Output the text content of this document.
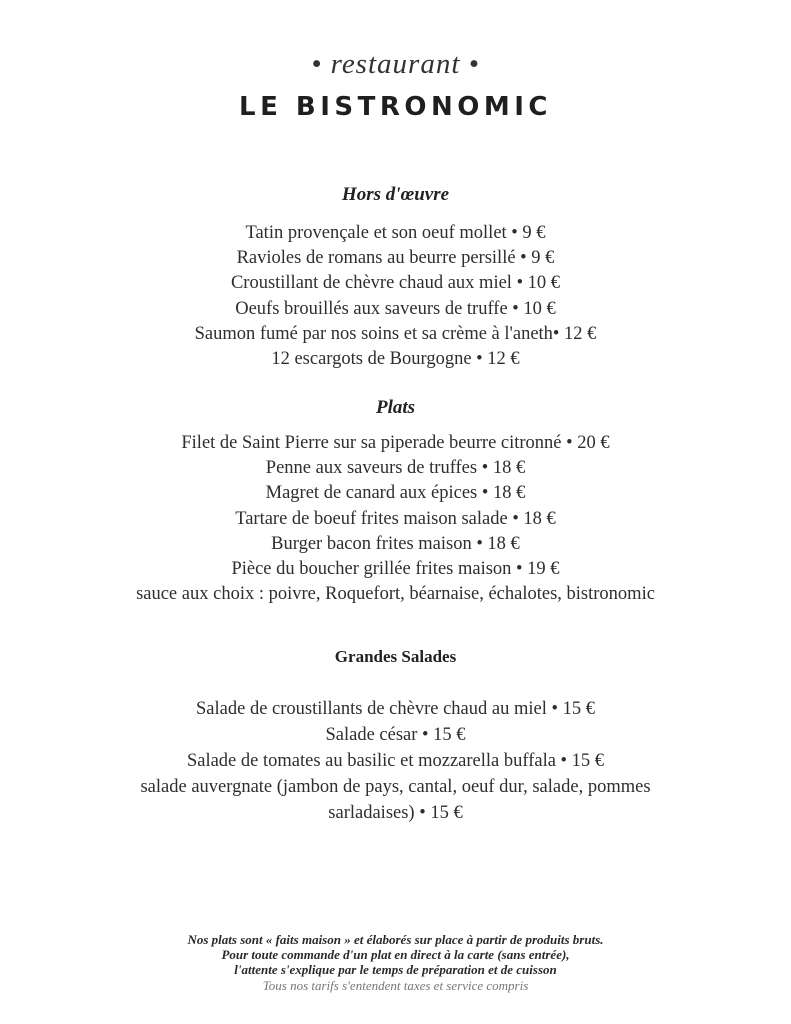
• restaurant •
LE BISTRONOMIC
Hors d'œuvre
Tatin provençale et son oeuf mollet • 9 €
Ravioles de romans au beurre persillé • 9 €
Croustillant de chèvre chaud aux miel • 10 €
Oeufs brouillés aux saveurs de truffe • 10 €
Saumon fumé par nos soins et sa crème à l'aneth• 12 €
12 escargots de Bourgogne • 12 €
Plats
Filet de Saint Pierre sur sa piperade beurre citronné • 20 €
Penne aux saveurs de truffes • 18 €
Magret de canard aux épices • 18 €
Tartare de boeuf frites maison salade • 18 €
Burger bacon frites maison • 18 €
Pièce du boucher grillée frites maison • 19 €
sauce aux choix : poivre, Roquefort, béarnaise, échalotes, bistronomic
Grandes Salades
Salade de croustillants de chèvre chaud au miel • 15 €
Salade césar • 15 €
Salade de tomates au basilic et mozzarella buffala • 15 €
salade auvergnate (jambon de pays, cantal, oeuf dur, salade, pommes
sarladaises) • 15 €
Nos plats sont « faits maison » et élaborés sur place à partir de produits bruts.
Pour toute commande d'un plat en direct à la carte (sans entrée),
l'attente s'explique par le temps de préparation et de cuisson
Tous nos tarifs s'entendent taxes et service compris
